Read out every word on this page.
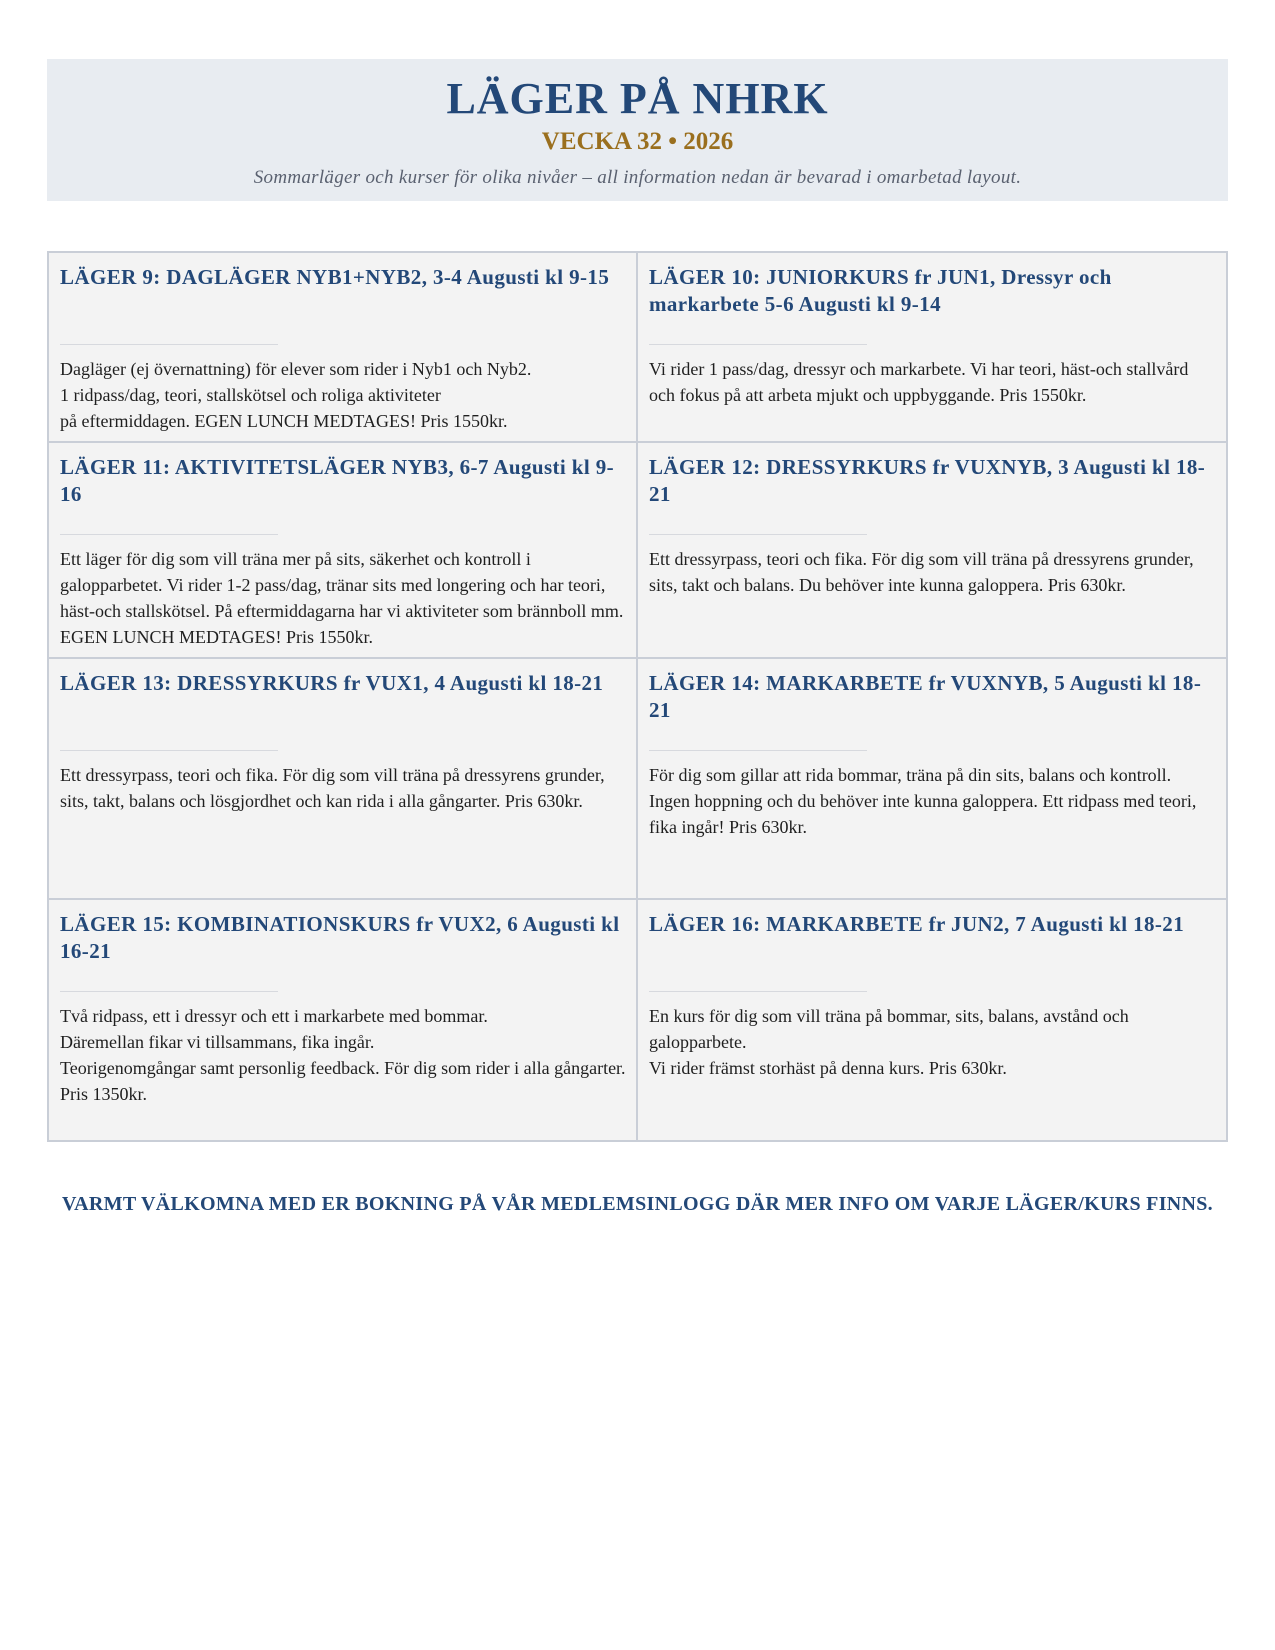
LÄGER PÅ NHRK
VECKA 32 • 2026

Sommarläger och kurser för olika nivåer – all information nedan är bevarad i omarbetad layout.

LÄGER 9: DAGLÄGER NYB1+NYB2, 3-4 Augusti kl 9-15

Dagläger (ej övernattning) för elever som rider i Nyb1 och Nyb2.

1 ridpass/dag, teori, stallskötsel och roliga aktiviteter

på eftermiddagen. EGEN LUNCH MEDTAGES! Pris 1550kr.

LÄGER 10: JUNIORKURS fr JUN1, Dressyr och markarbete 5-6 Augusti kl 9-14

Vi rider 1 pass/dag, dressyr och markarbete. Vi har teori, häst-och stallvård

och fokus på att arbeta mjukt och uppbyggande. Pris 1550kr.

LÄGER 11: AKTIVITETSLÄGER NYB3, 6-7 Augusti kl 9-16

Ett läger för dig som vill träna mer på sits, säkerhet och kontroll i galopparbetet. Vi rider 1-2 pass/dag, tränar sits med longering och har teori, häst-och stallskötsel. På eftermiddagarna har vi aktiviteter som brännboll mm. EGEN LUNCH MEDTAGES! Pris 1550kr.

LÄGER 12: DRESSYRKURS fr VUXNYB, 3 Augusti kl 18-21

Ett dressyrpass, teori och fika. För dig som vill träna på dressyrens grunder,

sits, takt och balans. Du behöver inte kunna galoppera. Pris 630kr.

LÄGER 13: DRESSYRKURS fr VUX1, 4 Augusti kl 18-21

Ett dressyrpass, teori och fika. För dig som vill träna på dressyrens grunder,

sits, takt, balans och lösgjordhet och kan rida i alla gångarter. Pris 630kr.

LÄGER 14: MARKARBETE fr VUXNYB, 5 Augusti kl 18-21

För dig som gillar att rida bommar, träna på din sits, balans och kontroll.

Ingen hoppning och du behöver inte kunna galoppera. Ett ridpass med teori,

fika ingår! Pris 630kr.

LÄGER 15: KOMBINATIONSKURS fr VUX2, 6 Augusti kl 16-21

Två ridpass, ett i dressyr och ett i markarbete med bommar.

Däremellan fikar vi tillsammans, fika ingår.

Teorigenomgångar samt personlig feedback. För dig som rider i alla gångarter.

Pris 1350kr.

LÄGER 16: MARKARBETE fr JUN2, 7 Augusti kl 18-21

En kurs för dig som vill träna på bommar, sits, balans, avstånd och galopparbete.

Vi rider främst storhäst på denna kurs. Pris 630kr.

VARMT VÄLKOMNA MED ER BOKNING PÅ VÅR MEDLEMSINLOGG DÄR MER INFO OM VARJE LÄGER/KURS FINNS.
